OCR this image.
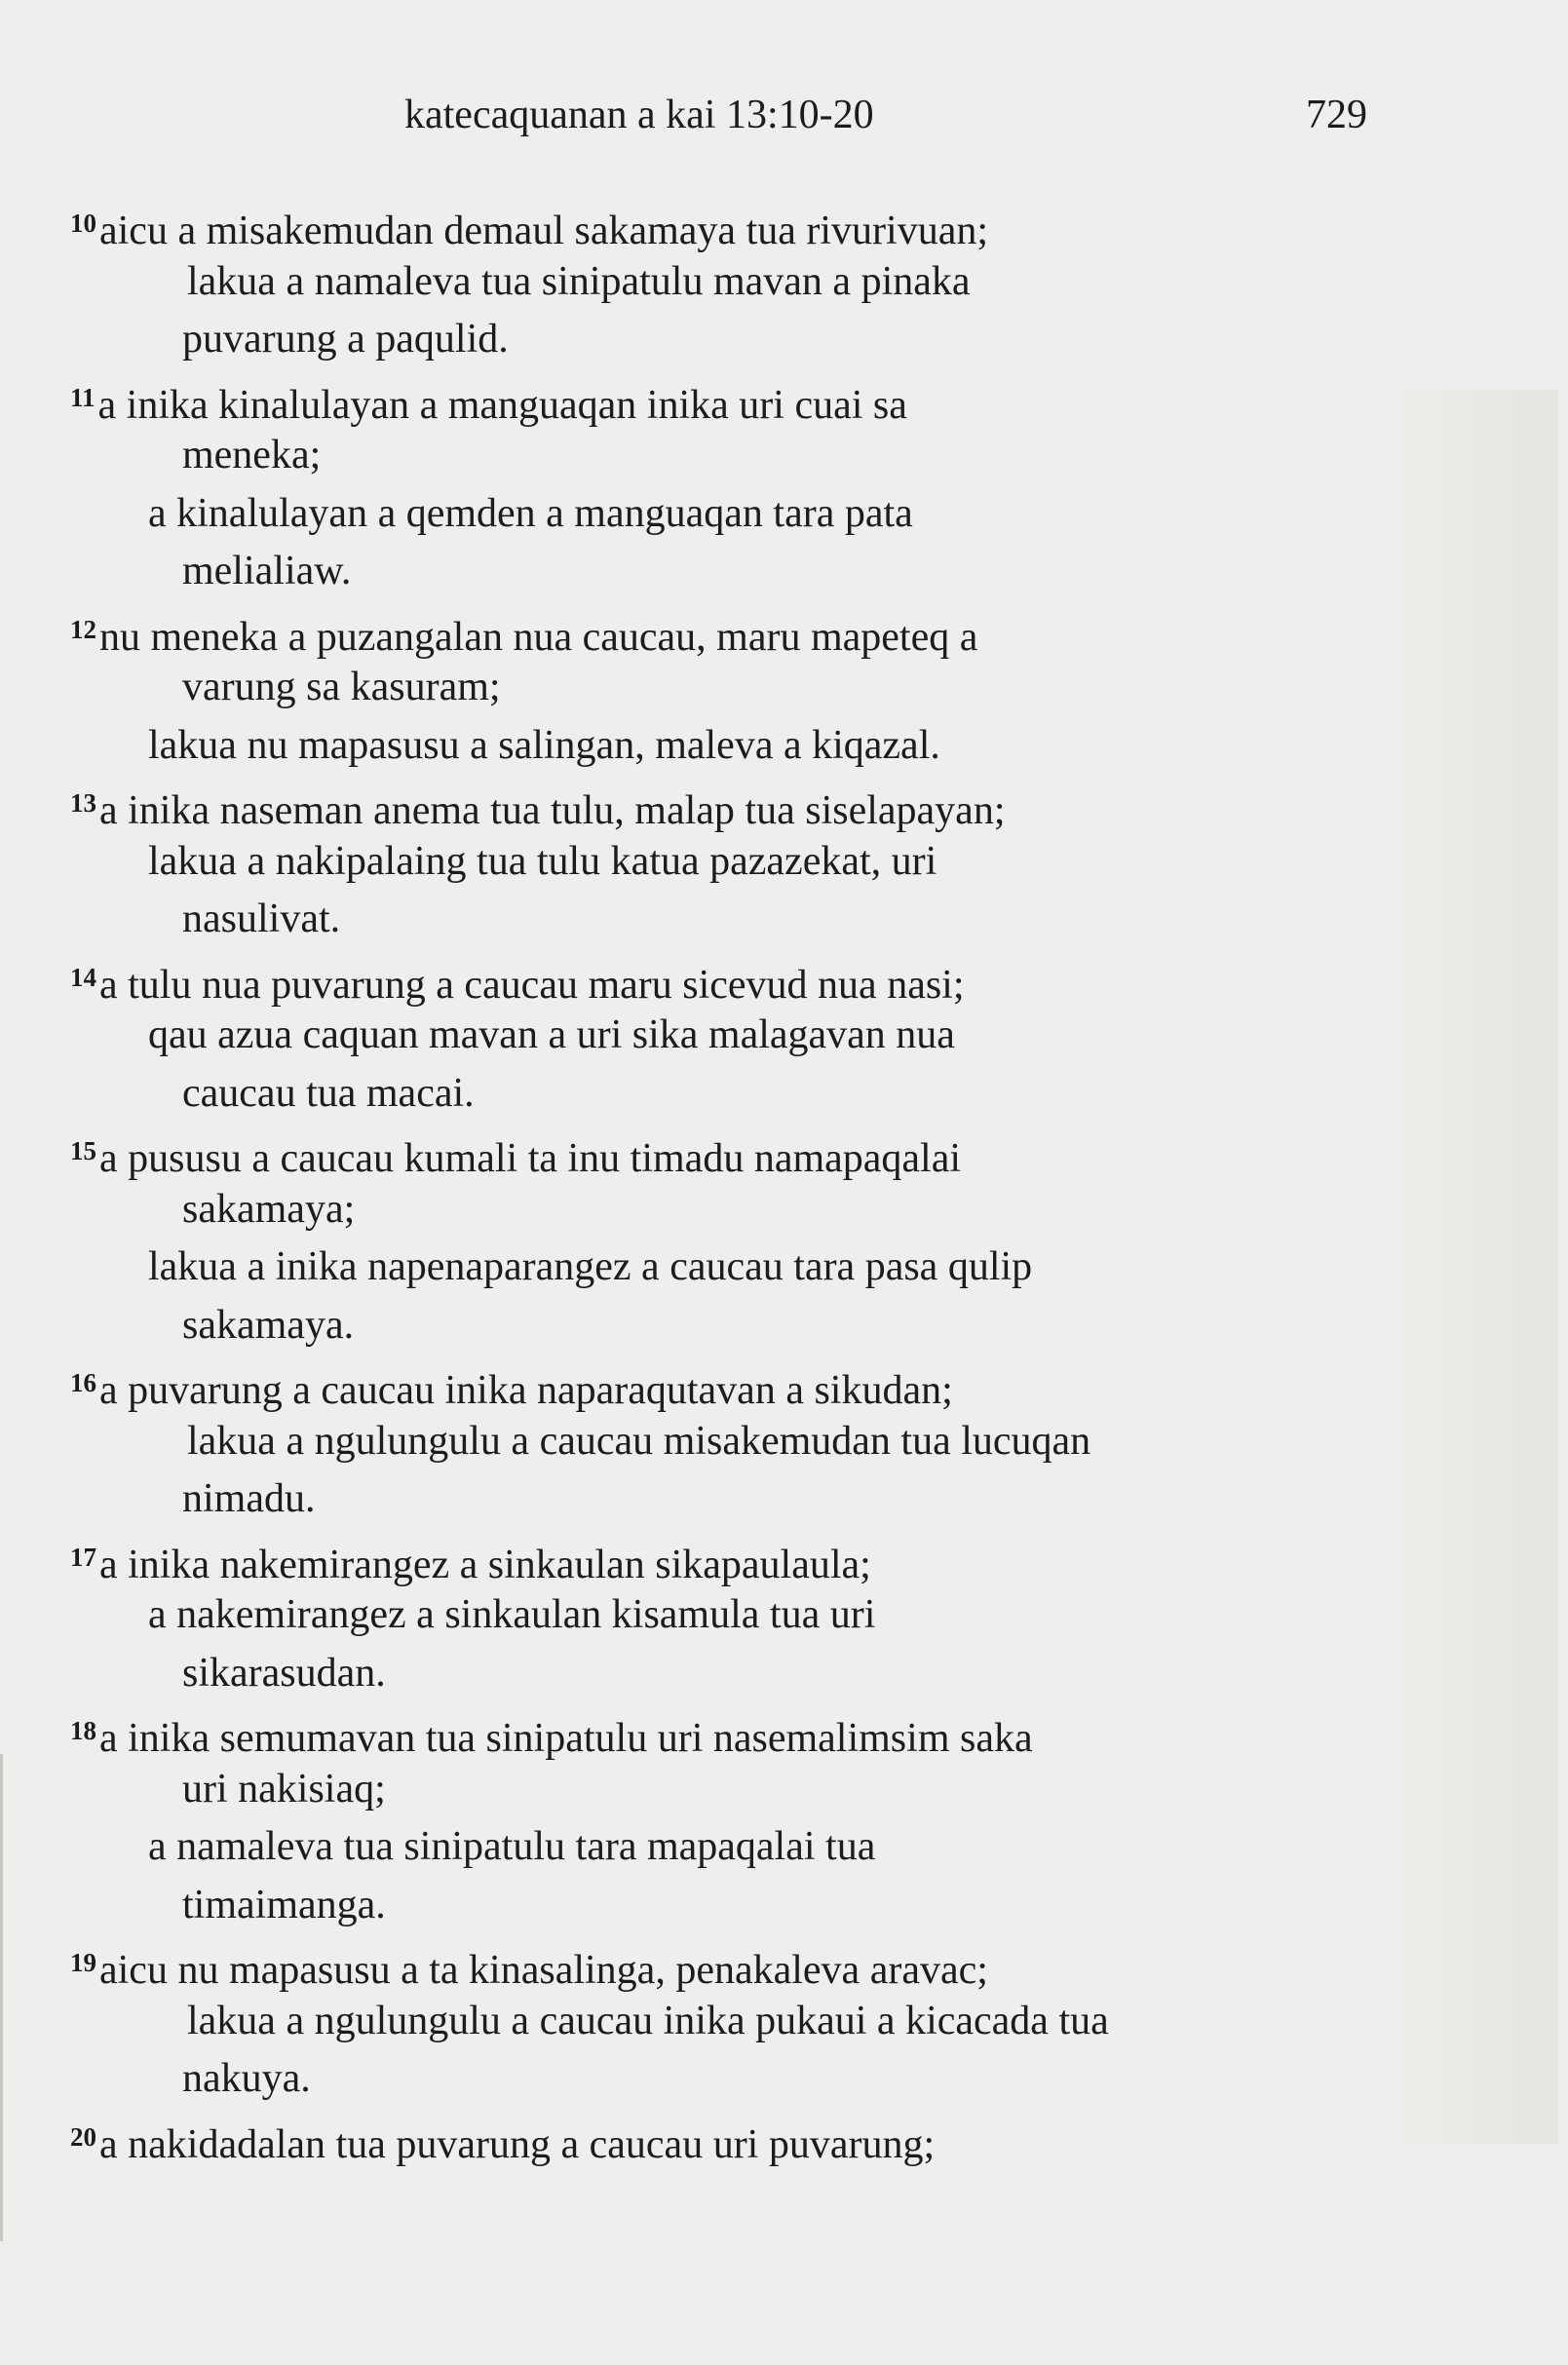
katecaquanan a kai 13:10-20	729
$^{10}$aicu a misakemudan demaul sakamaya tua rivurivuan;
lakua a namaleva tua sinipatulu mavan a pinaka
puvarung a paqulid.
$^{11}$a inika kinalulayan a manguaqan inika uri cuai sa
meneka;
a kinalulayan a qemden a manguaqan tara pata
melialiaw.
$^{12}$nu meneka a puzangalan nua caucau, maru mapeteq a
varung sa kasuram;
lakua nu mapasusu a salingan, maleva a kiqazal.
$^{13}$a inika naseman anema tua tulu, malap tua siselapayan;
lakua a nakipalaing tua tulu katua pazazekat, uri
nasulivat.
$^{14}$a tulu nua puvarung a caucau maru sicevud nua nasi;
qau azua caquan mavan a uri sika malagavan nua
caucau tua macai.
$^{15}$a pususu a caucau kumali ta inu timadu namapaqalai
sakamaya;
lakua a inika napenaparangez a caucau tara pasa qulip
sakamaya.
$^{16}$a puvarung a caucau inika naparaqutavan a sikudan;
lakua a ngulungulu a caucau misakemudan tua lucuqan
nimadu.
$^{17}$a inika nakemirangez a sinkaulan sikapaulaula;
a nakemirangez a sinkaulan kisamula tua uri
sikarasudan.
$^{18}$a inika semumavan tua sinipatulu uri nasemalimsim saka
uri nakisiaq;
a namaleva tua sinipatulu tara mapaqalai tua
timaimanga.
$^{19}$aicu nu mapasusu a ta kinasalinga, penakaleva aravac;
lakua a ngulungulu a caucau inika pukaui a kicacada tua
nakuya.
$^{20}$a nakidadalan tua puvarung a caucau uri puvarung;
